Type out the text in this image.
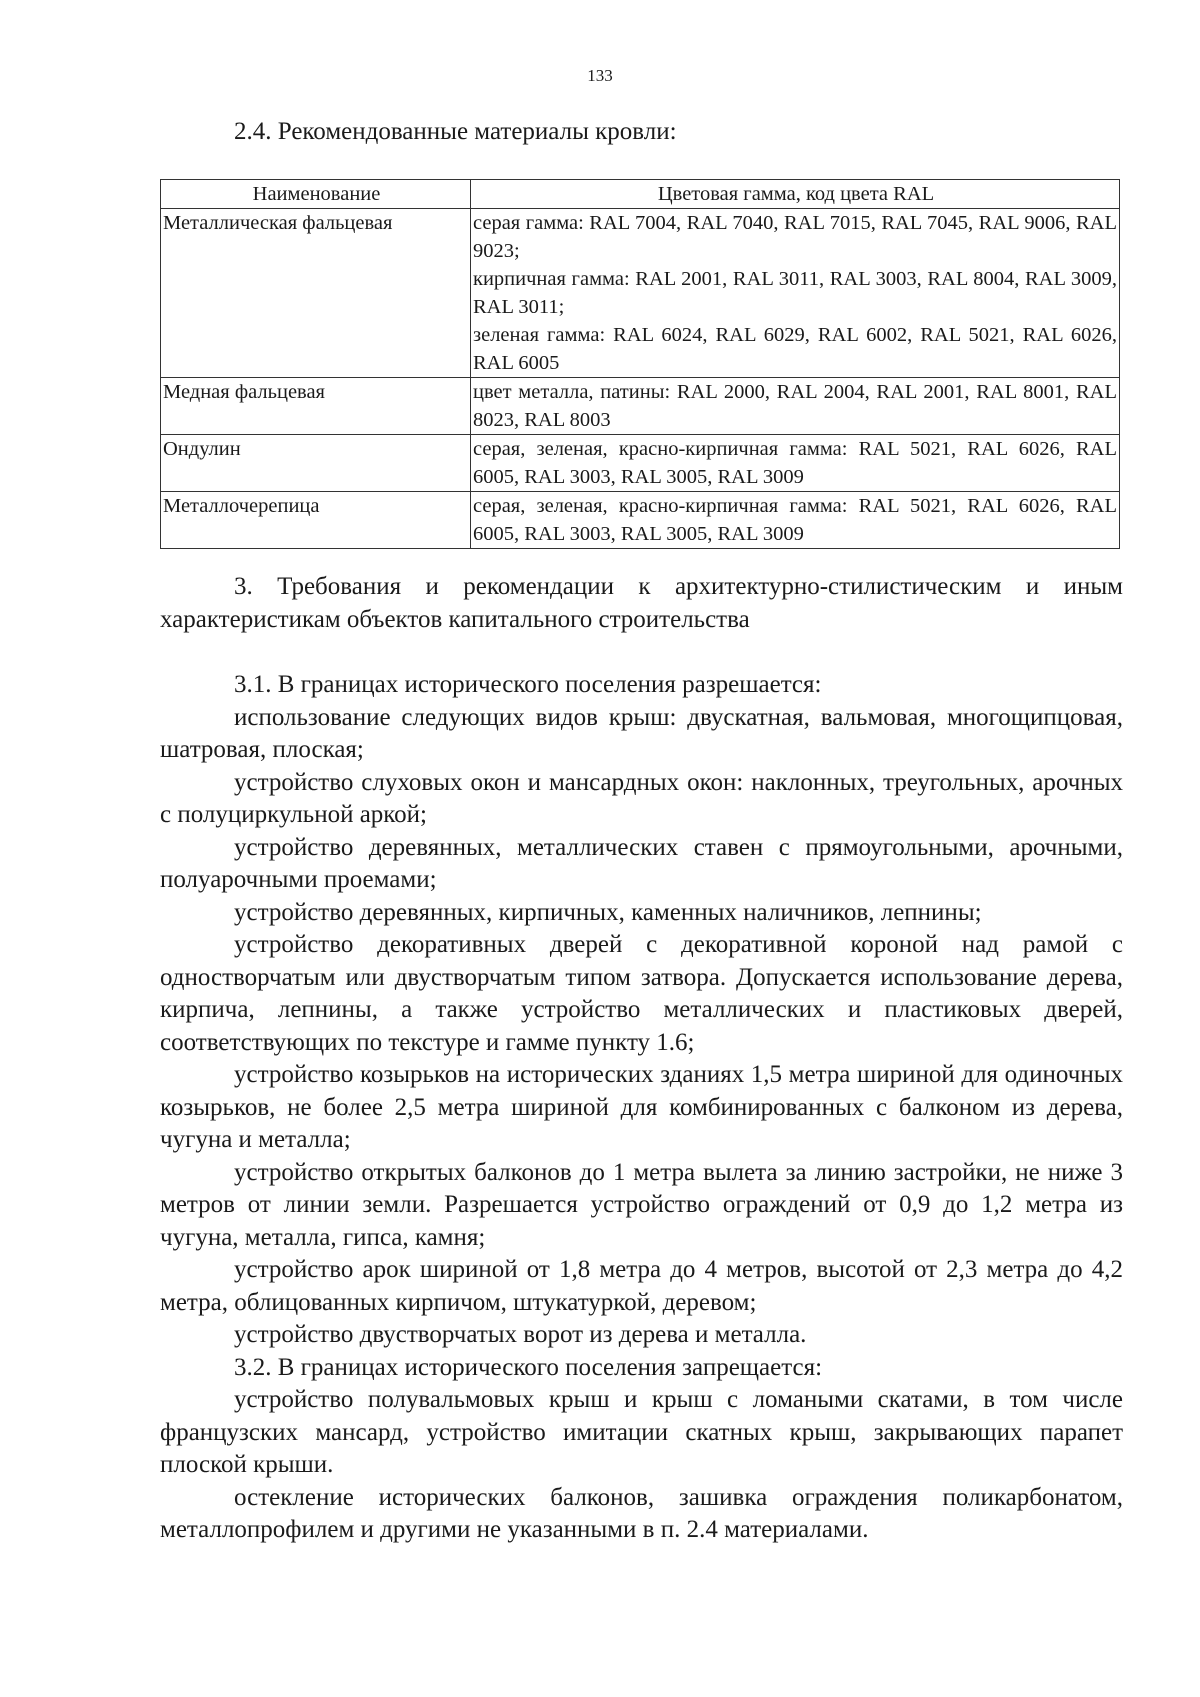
133
2.4. Рекомендованные материалы кровли:
Наименование	Цветовая гамма, код цвета RAL
Металлическая фальцевая	серая гамма: RAL 7004, RAL 7040, RAL 7015, RAL 7045, RAL 9006, RAL 9023;
кирпичная гамма: RAL 2001, RAL 3011, RAL 3003, RAL 8004, RAL 3009, RAL 3011;
зеленая гамма: RAL 6024, RAL 6029, RAL 6002, RAL 5021, RAL 6026, RAL 6005

Медная фальцевая	цвет металла, патины: RAL 2000, RAL 2004, RAL 2001, RAL 8001, RAL 8023, RAL 8003

Ондулин	серая, зеленая, красно-кирпичная гамма: RAL 5021, RAL 6026, RAL 6005, RAL 3003, RAL 3005, RAL 3009

Металлочерепица	серая, зеленая, красно-кирпичная гамма: RAL 5021, RAL 6026, RAL 6005, RAL 3003, RAL 3005, RAL 3009

3. Требования и рекомендации к архитектурно-стилистическим и иным характеристикам объектов капитального строительства

3.1. В границах исторического поселения разрешается:

использование следующих видов крыш: двускатная, вальмовая, многощипцовая, шатровая, плоская;

устройство слуховых окон и мансардных окон: наклонных, треугольных, арочных с полуциркульной аркой;

устройство деревянных, металлических ставен с прямоугольными, арочными, полуарочными проемами;

устройство деревянных, кирпичных, каменных наличников, лепнины;

устройство декоративных дверей с декоративной короной над рамой с одностворчатым или двустворчатым типом затвора. Допускается использование дерева, кирпича, лепнины, а также устройство металлических и пластиковых дверей, соответствующих по текстуре и гамме пункту 1.6;

устройство козырьков на исторических зданиях 1,5 метра шириной для одиночных козырьков, не более 2,5 метра шириной для комбинированных с балконом из дерева, чугуна и металла;

устройство открытых балконов до 1 метра вылета за линию застройки, не ниже 3 метров от линии земли. Разрешается устройство ограждений от 0,9 до 1,2 метра из чугуна, металла, гипса, камня;

устройство арок шириной от 1,8 метра до 4 метров, высотой от 2,3 метра до 4,2 метра, облицованных кирпичом, штукатуркой, деревом;

устройство двустворчатых ворот из дерева и металла.

3.2. В границах исторического поселения запрещается:

устройство полувальмовых крыш и крыш с ломаными скатами, в том числе французских мансард, устройство имитации скатных крыш, закрывающих парапет плоской крыши.

остекление исторических балконов, зашивка ограждения поликарбонатом, металлопрофилем и другими не указанными в п. 2.4 материалами.
